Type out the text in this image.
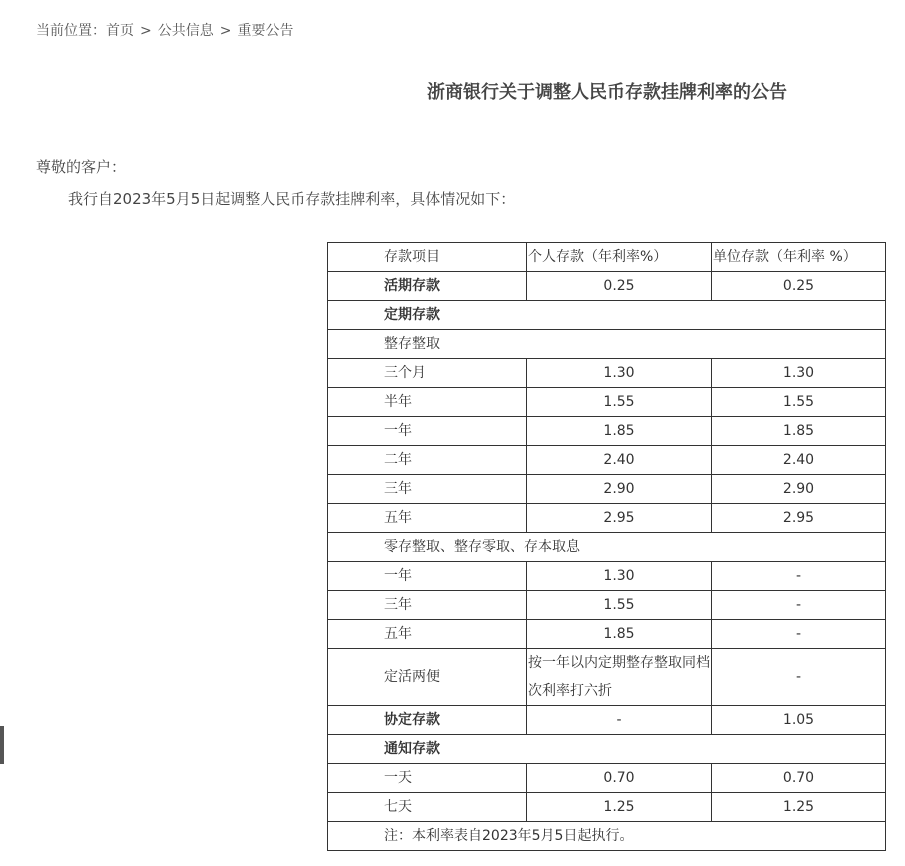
当前位置：首页 > 公共信息 > 重要公告
浙商银行关于调整人民币存款挂牌利率的公告
尊敬的客户：
我行自2023年5月5日起调整人民币存款挂牌利率，具体情况如下：
存款项目	个人存款（年利率%）	单位存款（年利率 %）
活期存款	0.25	0.25
定期存款		
整存整取		
三个月	1.30	1.30
半年	1.55	1.55
一年	1.85	1.85
二年	2.40	2.40
三年	2.90	2.90
五年	2.95	2.95
零存整取、整存零取、存本取息		
一年	1.30	-
三年	1.55	-
五年	1.85	-
定活两便	按一年以内定期整存整取同档次利率打六折	-
协定存款	-	1.05
通知存款		
一天	0.70	0.70
七天	1.25	1.25
注：本利率表自2023年5月5日起执行。		
